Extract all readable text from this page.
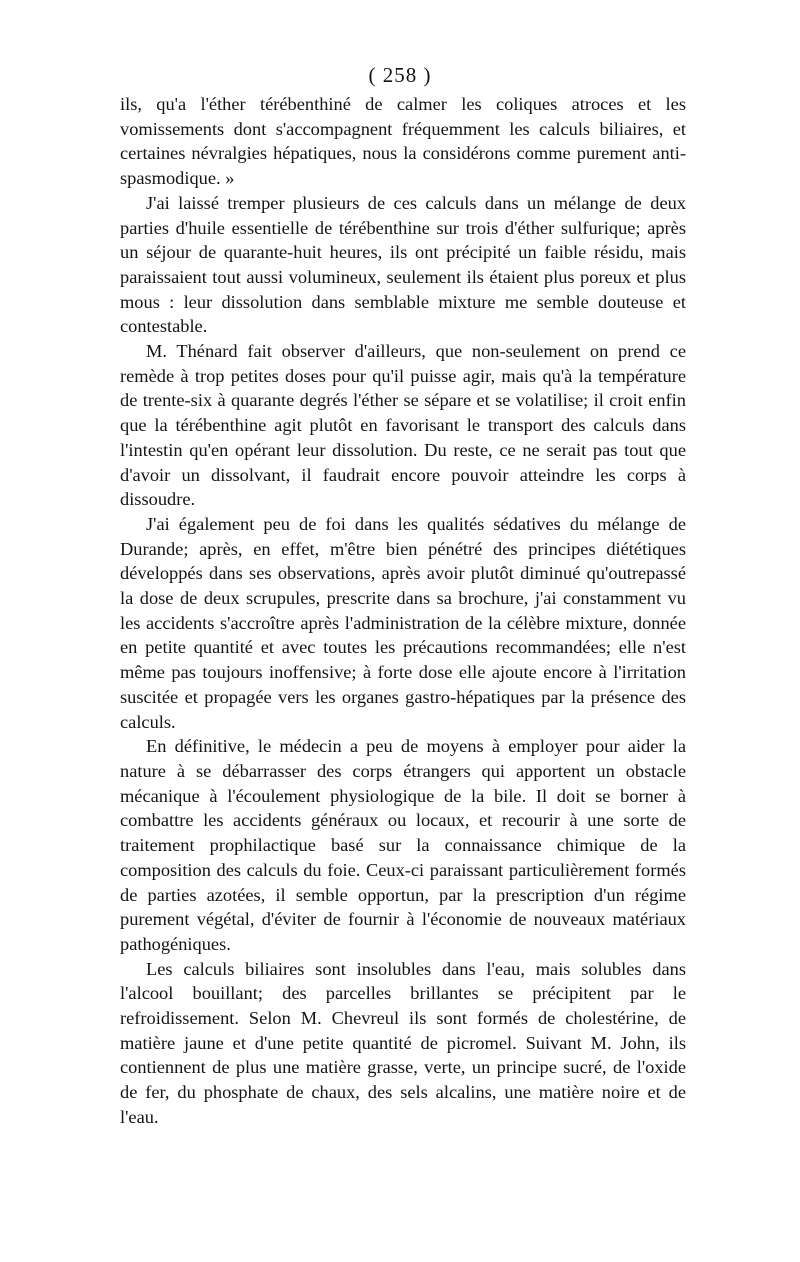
( 258 )

ils, qu'a l'éther térébenthiné de calmer les coliques atroces et les vomissements dont s'accompagnent fréquemment les calculs biliaires, et certaines névralgies hépatiques, nous la considérons comme purement anti-spasmodique. »

J'ai laissé tremper plusieurs de ces calculs dans un mélange de deux parties d'huile essentielle de térébenthine sur trois d'éther sulfurique; après un séjour de quarante-huit heures, ils ont précipité un faible résidu, mais paraissaient tout aussi volumineux, seulement ils étaient plus poreux et plus mous : leur dissolution dans semblable mixture me semble douteuse et contestable.

M. Thénard fait observer d'ailleurs, que non-seulement on prend ce remède à trop petites doses pour qu'il puisse agir, mais qu'à la température de trente-six à quarante degrés l'éther se sépare et se volatilise; il croit enfin que la térébenthine agit plutôt en favorisant le transport des calculs dans l'intestin qu'en opérant leur dissolution. Du reste, ce ne serait pas tout que d'avoir un dissolvant, il faudrait encore pouvoir atteindre les corps à dissoudre.

J'ai également peu de foi dans les qualités sédatives du mélange de Durande; après, en effet, m'être bien pénétré des principes diététiques développés dans ses observations, après avoir plutôt diminué qu'outrepassé la dose de deux scrupules, prescrite dans sa brochure, j'ai constamment vu les accidents s'accroître après l'administration de la célèbre mixture, donnée en petite quantité et avec toutes les précautions recommandées; elle n'est même pas toujours inoffensive; à forte dose elle ajoute encore à l'irritation suscitée et propagée vers les organes gastro-hépatiques par la présence des calculs.

En définitive, le médecin a peu de moyens à employer pour aider la nature à se débarrasser des corps étrangers qui apportent un obstacle mécanique à l'écoulement physiologique de la bile. Il doit se borner à combattre les accidents généraux ou locaux, et recourir à une sorte de traitement prophilactique basé sur la connaissance chimique de la composition des calculs du foie. Ceux-ci paraissant particulièrement formés de parties azotées, il semble opportun, par la prescription d'un régime purement végétal, d'éviter de fournir à l'économie de nouveaux matériaux pathogéniques.

Les calculs biliaires sont insolubles dans l'eau, mais solubles dans l'alcool bouillant; des parcelles brillantes se précipitent par le refroidissement. Selon M. Chevreul ils sont formés de cholestérine, de matière jaune et d'une petite quantité de picromel. Suivant M. John, ils contiennent de plus une matière grasse, verte, un principe sucré, de l'oxide de fer, du phosphate de chaux, des sels alcalins, une matière noire et de l'eau.
